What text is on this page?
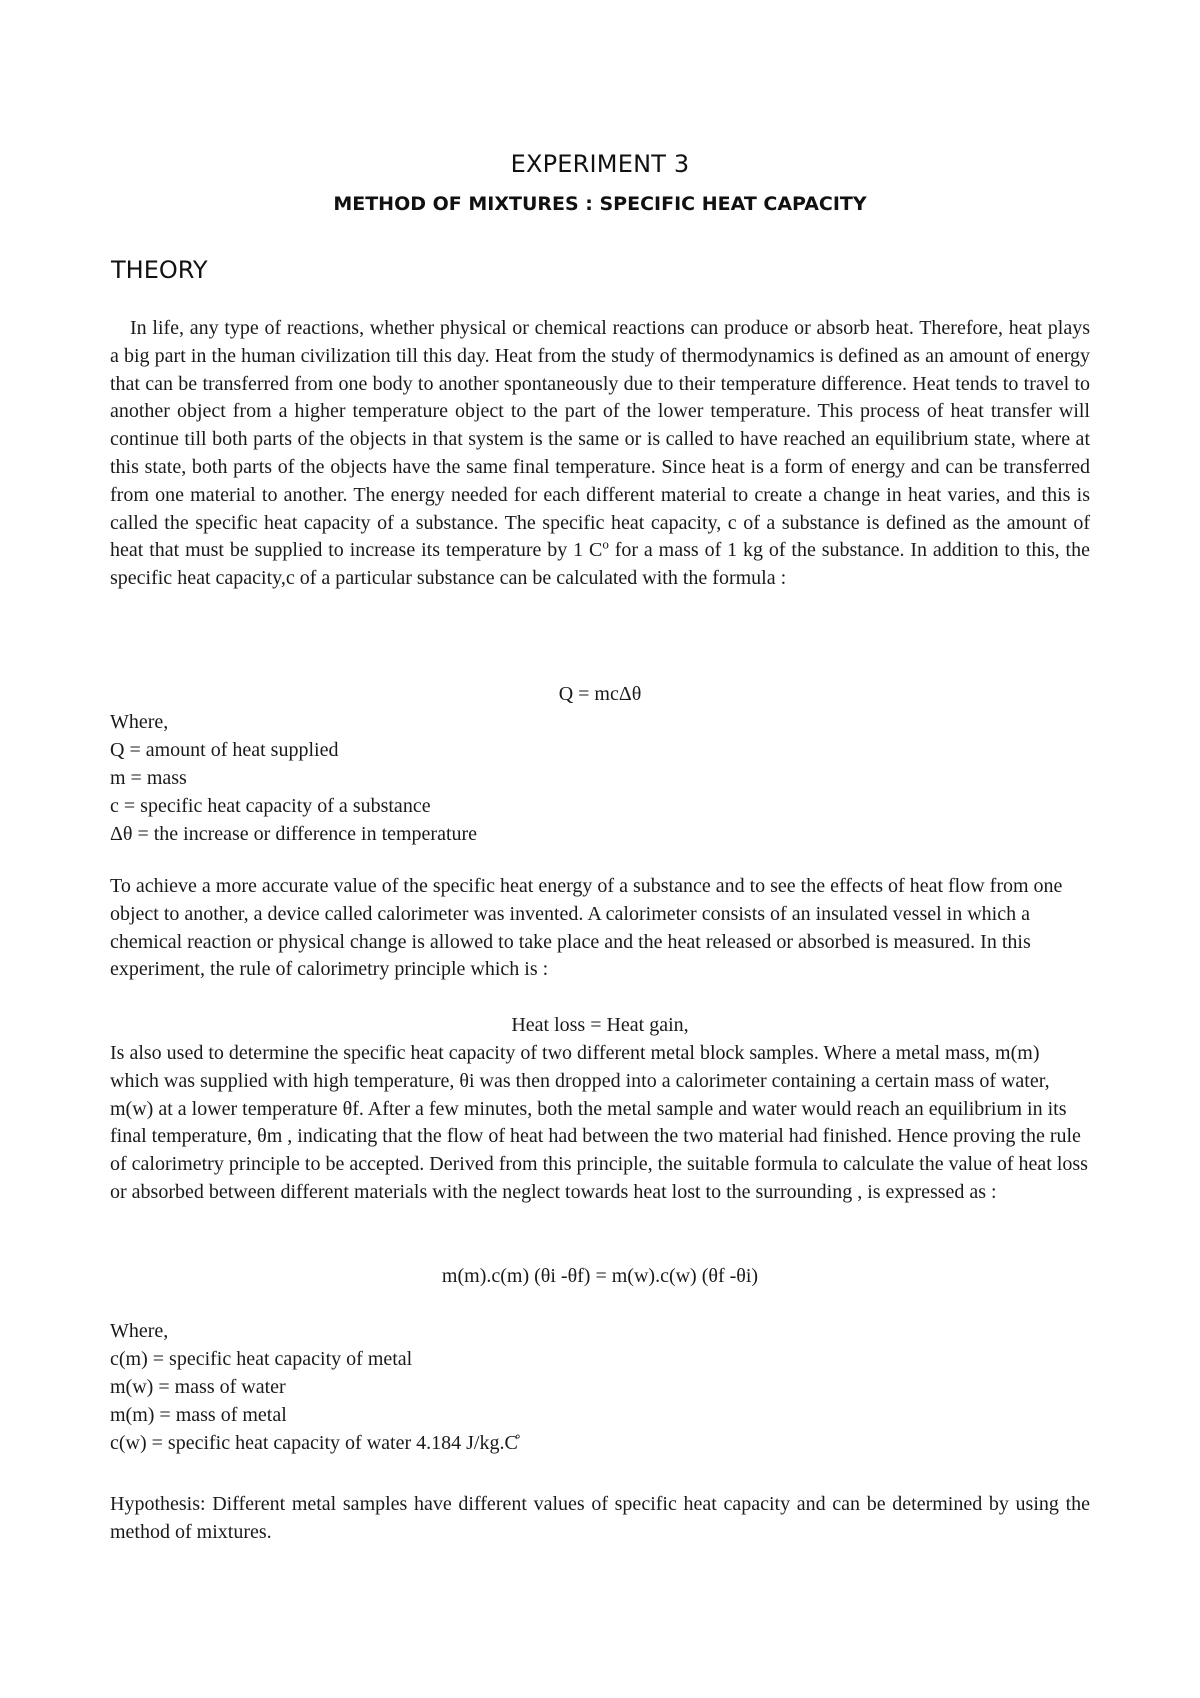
EXPERIMENT 3
METHOD OF MIXTURES : SPECIFIC HEAT CAPACITY
THEORY

In life, any type of reactions, whether physical or chemical reactions can produce or absorb heat. Therefore, heat plays a big part in the human civilization till this day. Heat from the study of thermodynamics is defined as an amount of energy that can be transferred from one body to another spontaneously due to their temperature difference. Heat tends to travel to another object from a higher temperature object to the part of the lower temperature. This process of heat transfer will continue till both parts of the objects in that system is the same or is called to have reached an equilibrium state, where at this state, both parts of the objects have the same final temperature. Since heat is a form of energy and can be transferred from one material to another. The energy needed for each different material to create a change in heat varies, and this is called the specific heat capacity of a substance. The specific heat capacity, c of a substance is defined as the amount of heat that must be supplied to increase its temperature by 1 $C^o$ for a mass of 1 kg of the substance. In addition to this, the specific heat capacity,c of a particular substance can be calculated with the formula :

Q = mcΔθ

Where,

Q = amount of heat supplied

m = mass

c = specific heat capacity of a substance

Δθ = the increase or difference in temperature

To achieve a more accurate value of the specific heat energy of a substance and to see the effects of heat flow from one object to another, a device called calorimeter was invented. A calorimeter consists of an insulated vessel in which a chemical reaction or physical change is allowed to take place and the heat released or absorbed is measured. In this experiment, the rule of calorimetry principle which is :

Heat loss = Heat gain,

Is also used to determine the specific heat capacity of two different metal block samples. Where a metal mass, m(m) which was supplied with high temperature, θi was then dropped into a calorimeter containing a certain mass of water, m(w) at a lower temperature θf. After a few minutes, both the metal sample and water would reach an equilibrium in its final temperature, θm , indicating that the flow of heat had between the two material had finished. Hence proving the rule of calorimetry principle to be accepted. Derived from this principle, the suitable formula to calculate the value of heat loss or absorbed between different materials with the neglect towards heat lost to the surrounding , is expressed as :

m(m).c(m) (θi -θf) = m(w).c(w) (θf -θi)

Where,

c(m) = specific heat capacity of metal

m(w) = mass of water

m(m) = mass of metal

c(w) = specific heat capacity of water 4.184 J/kg.C̊

Hypothesis: Different metal samples have different values of specific heat capacity and can be determined by using the method of mixtures.
